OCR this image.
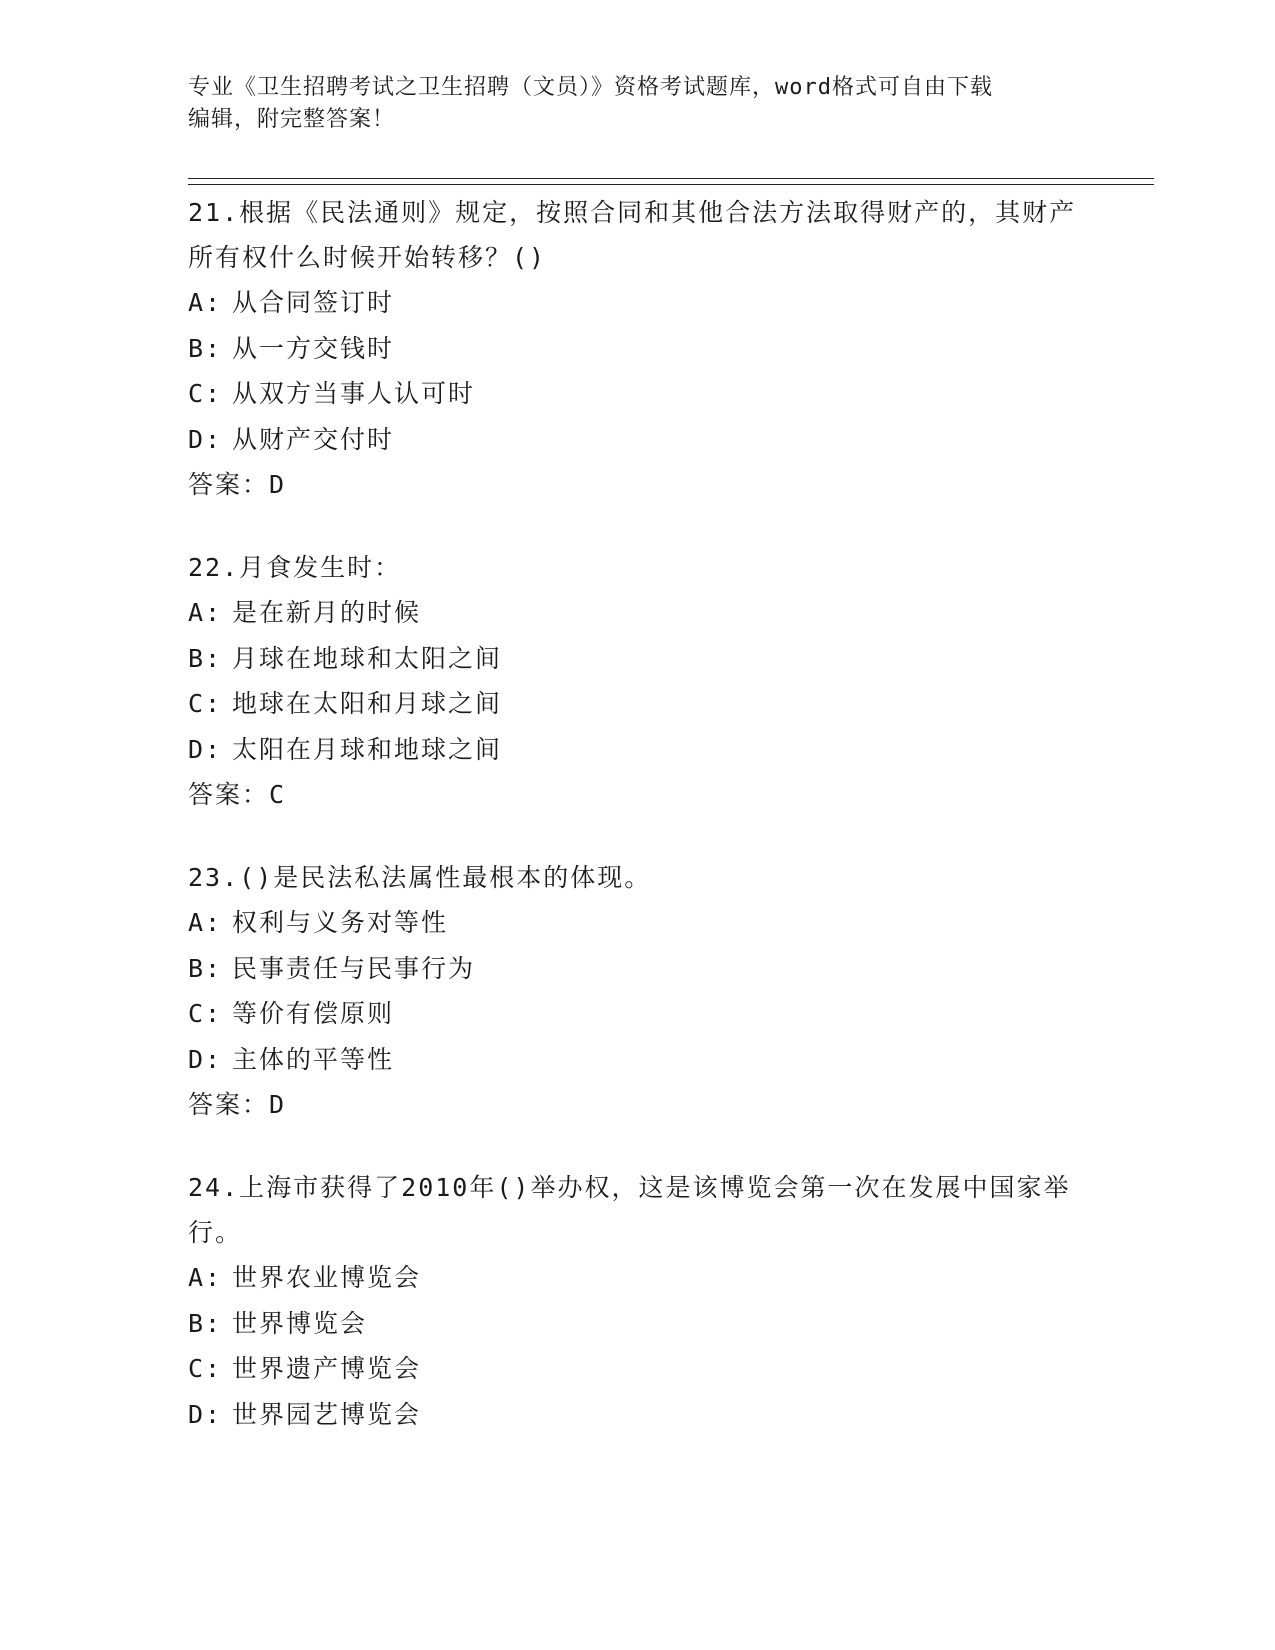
专业《卫生招聘考试之卫生招聘（文员）》资格考试题库，word格式可自由下载
编辑，附完整答案！
21.根据《民法通则》规定，按照合同和其他合法方法取得财产的，其财产所有权什么时候开始转移？()
A: 从合同签订时
B: 从一方交钱时
C: 从双方当事人认可时
D: 从财产交付时
答案：D
22.月食发生时：
A: 是在新月的时候
B: 月球在地球和太阳之间
C: 地球在太阳和月球之间
D: 太阳在月球和地球之间
答案：C
23.()是民法私法属性最根本的体现。
A: 权利与义务对等性
B: 民事责任与民事行为
C: 等价有偿原则
D: 主体的平等性
答案：D
24.上海市获得了2010年()举办权，这是该博览会第一次在发展中国家举行。
A: 世界农业博览会
B: 世界博览会
C: 世界遗产博览会
D: 世界园艺博览会
